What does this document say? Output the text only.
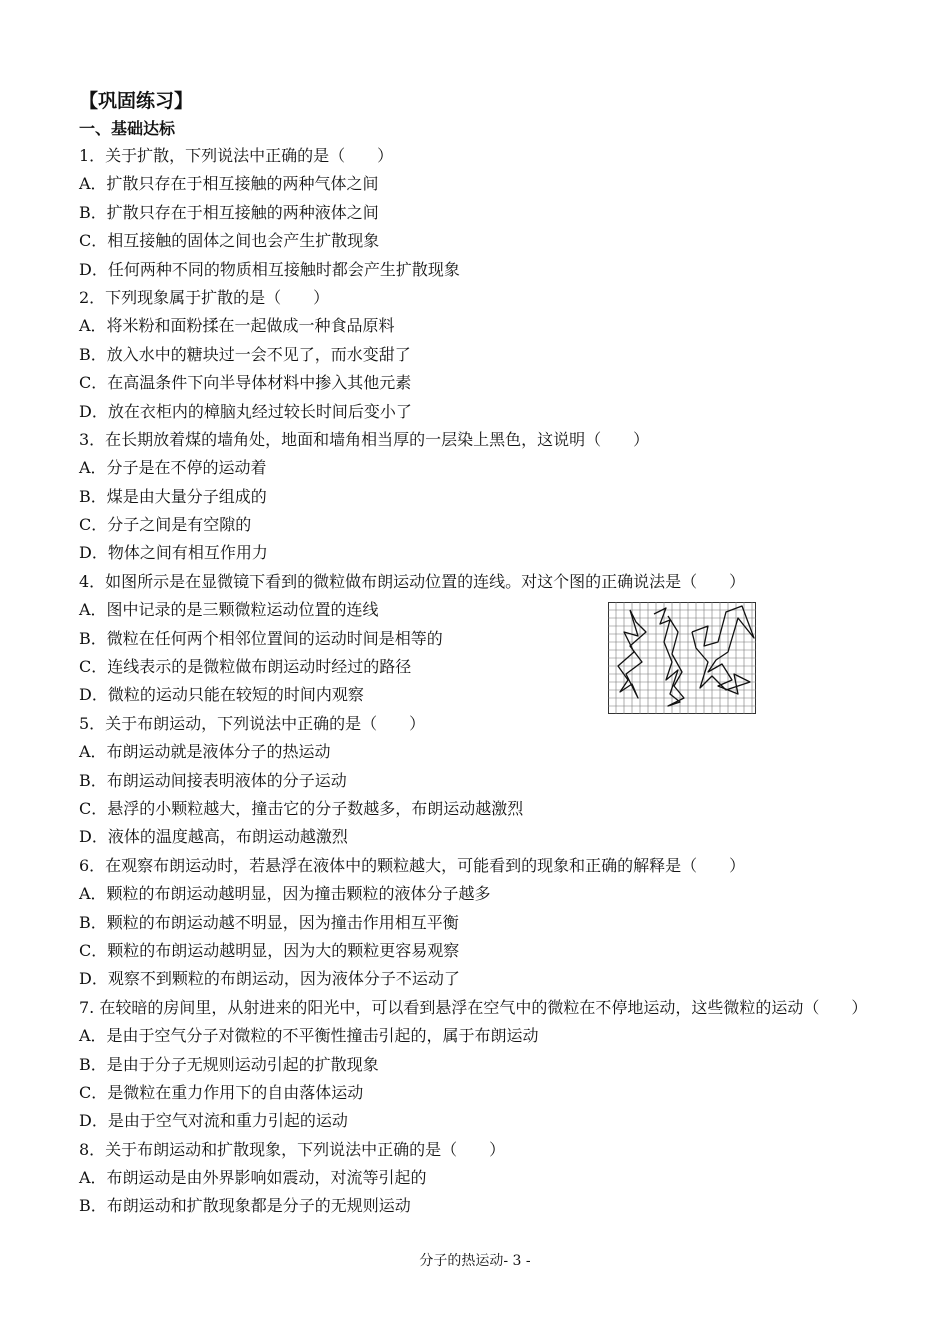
【巩固练习】
一、基础达标
1．关于扩散，下列说法中正确的是（　　）
A．扩散只存在于相互接触的两种气体之间
B．扩散只存在于相互接触的两种液体之间
C．相互接触的固体之间也会产生扩散现象
D．任何两种不同的物质相互接触时都会产生扩散现象
2．下列现象属于扩散的是（　　）
A．将米粉和面粉揉在一起做成一种食品原料
B．放入水中的糖块过一会不见了，而水变甜了
C．在高温条件下向半导体材料中掺入其他元素
D．放在衣柜内的樟脑丸经过较长时间后变小了
3．在长期放着煤的墙角处，地面和墙角相当厚的一层染上黑色，这说明（　　）
A．分子是在不停的运动着
B．煤是由大量分子组成的
C．分子之间是有空隙的
D．物体之间有相互作用力
4．如图所示是在显微镜下看到的微粒做布朗运动位置的连线。对这个图的正确说法是（　　）
A．图中记录的是三颗微粒运动位置的连线
B．微粒在任何两个相邻位置间的运动时间是相等的
C．连线表示的是微粒做布朗运动时经过的路径
D．微粒的运动只能在较短的时间内观察
5．关于布朗运动，下列说法中正确的是（　　）
A．布朗运动就是液体分子的热运动
B．布朗运动间接表明液体的分子运动
C．悬浮的小颗粒越大，撞击它的分子数越多，布朗运动越激烈
D．液体的温度越高，布朗运动越激烈
6．在观察布朗运动时，若悬浮在液体中的颗粒越大，可能看到的现象和正确的解释是（　　）
A．颗粒的布朗运动越明显，因为撞击颗粒的液体分子越多
B．颗粒的布朗运动越不明显，因为撞击作用相互平衡
C．颗粒的布朗运动越明显，因为大的颗粒更容易观察
D．观察不到颗粒的布朗运动，因为液体分子不运动了
7. 在较暗的房间里，从射进来的阳光中，可以看到悬浮在空气中的微粒在不停地运动，这些微粒的运动（　　）
A．是由于空气分子对微粒的不平衡性撞击引起的，属于布朗运动
B．是由于分子无规则运动引起的扩散现象
C．是微粒在重力作用下的自由落体运动
D．是由于空气对流和重力引起的运动
8．关于布朗运动和扩散现象，下列说法中正确的是（　　）
A．布朗运动是由外界影响如震动，对流等引起的
B．布朗运动和扩散现象都是分子的无规则运动
分子的热运动- 3 -
